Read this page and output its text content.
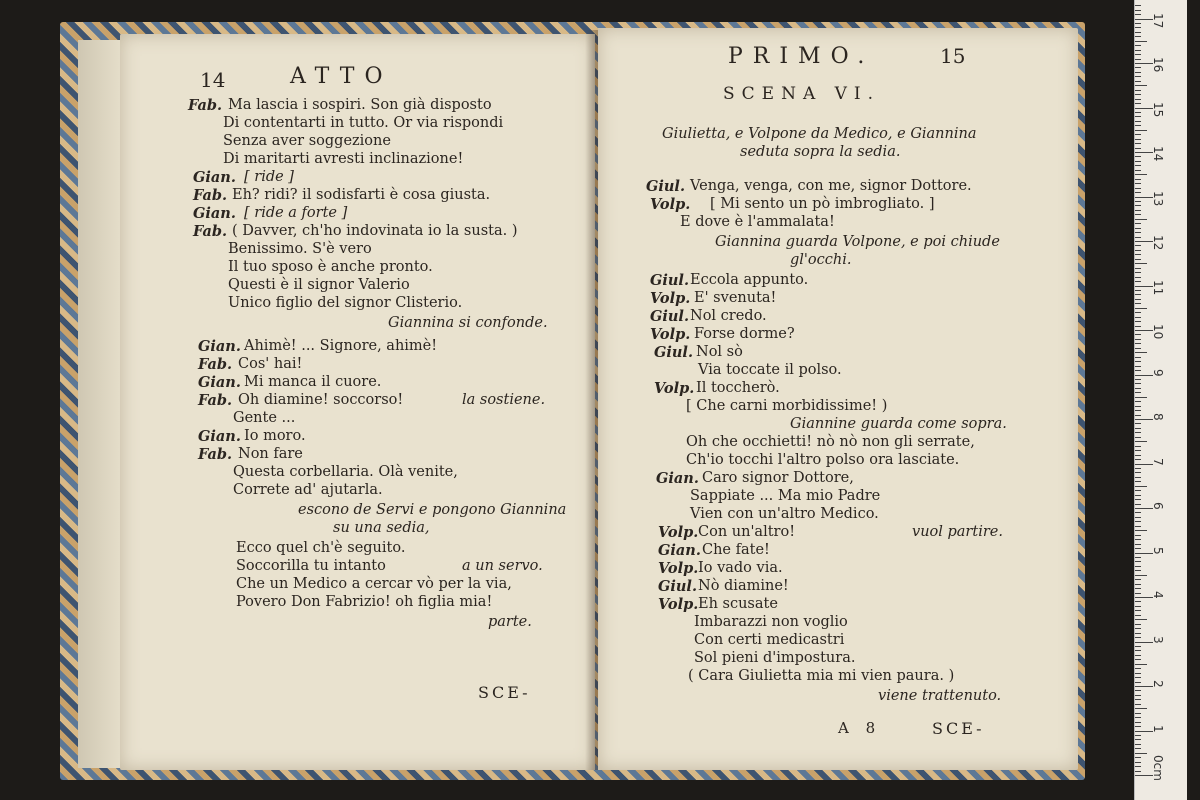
14	ATTO
Fab. Ma lascia i sospiri. Son già disposto
Di contentarti in tutto. Or via rispondi
Senza aver soggezione
Di maritarti avresti inclinazione!
Gian. [ ride ]
Fab. Eh? ridi? il sodisfarti è cosa giusta.
Gian. [ ride a forte ]
Fab. ( Davver, ch'ho indovinata io la susta. )
Benissimo. S'è vero
Il tuo sposo è anche pronto.
Questi è il signor Valerio
Unico figlio del signor Clisterio.
Giannina si confonde.
Gian. Ahimè! ... Signore, ahimè!
Fab. Cos' hai!
Gian. Mi manca il cuore.
Fab. Oh diamine! soccorso!	la sostiene.
Gente ...
Gian. Io moro.
Fab. Non fare
Questa corbellaria. Olà venite,
Correte ad' ajutarla.
escono de Servi e pongono Giannina
su una sedia,
Ecco quel ch'è seguito.
Soccorilla tu intanto	a un servo.
Che un Medico a cercar vò per la via,
Povero Don Fabrizio! oh figlia mia!
parte.
SCE-
PRIMO.	15
SCENA VI.
Giulietta, e Volpone da Medico, e Giannina
seduta sopra la sedia.
Giul. Venga, venga, con me, signor Dottore.
Volp. [ Mi sento un pò imbrogliato. ]
E dove è l'ammalata!
Giannina guarda Volpone, e poi chiude
gl'occhi.
Giul. Eccola appunto.
Volp. E' svenuta!
Giul. Nol credo.
Volp. Forse dorme?
Giul. Nol sò
Via toccate il polso.
Volp. Il toccherò.
[ Che carni morbidissime! )
Giannine guarda come sopra.
Oh che occhietti! nò nò non gli serrate,
Ch'io tocchi l'altro polso ora lasciate.
Gian. Caro signor Dottore,
Sappiate ... Ma mio Padre
Vien con un'altro Medico.
Volp. Con un'altro!	vuol partire.
Gian. Che fate!
Volp. Io vado via.
Giul. Nò diamine!
Volp. Eh scusate
Imbarazzi non voglio
Con certi medicastri
Sol pieni d'impostura.
( Cara Giulietta mia mi vien paura. )
viene trattenuto.
A 8	SCE-
17
16
15
14
13
12
11
10
9
8
7
6
5
4
3
2
1
0cm
